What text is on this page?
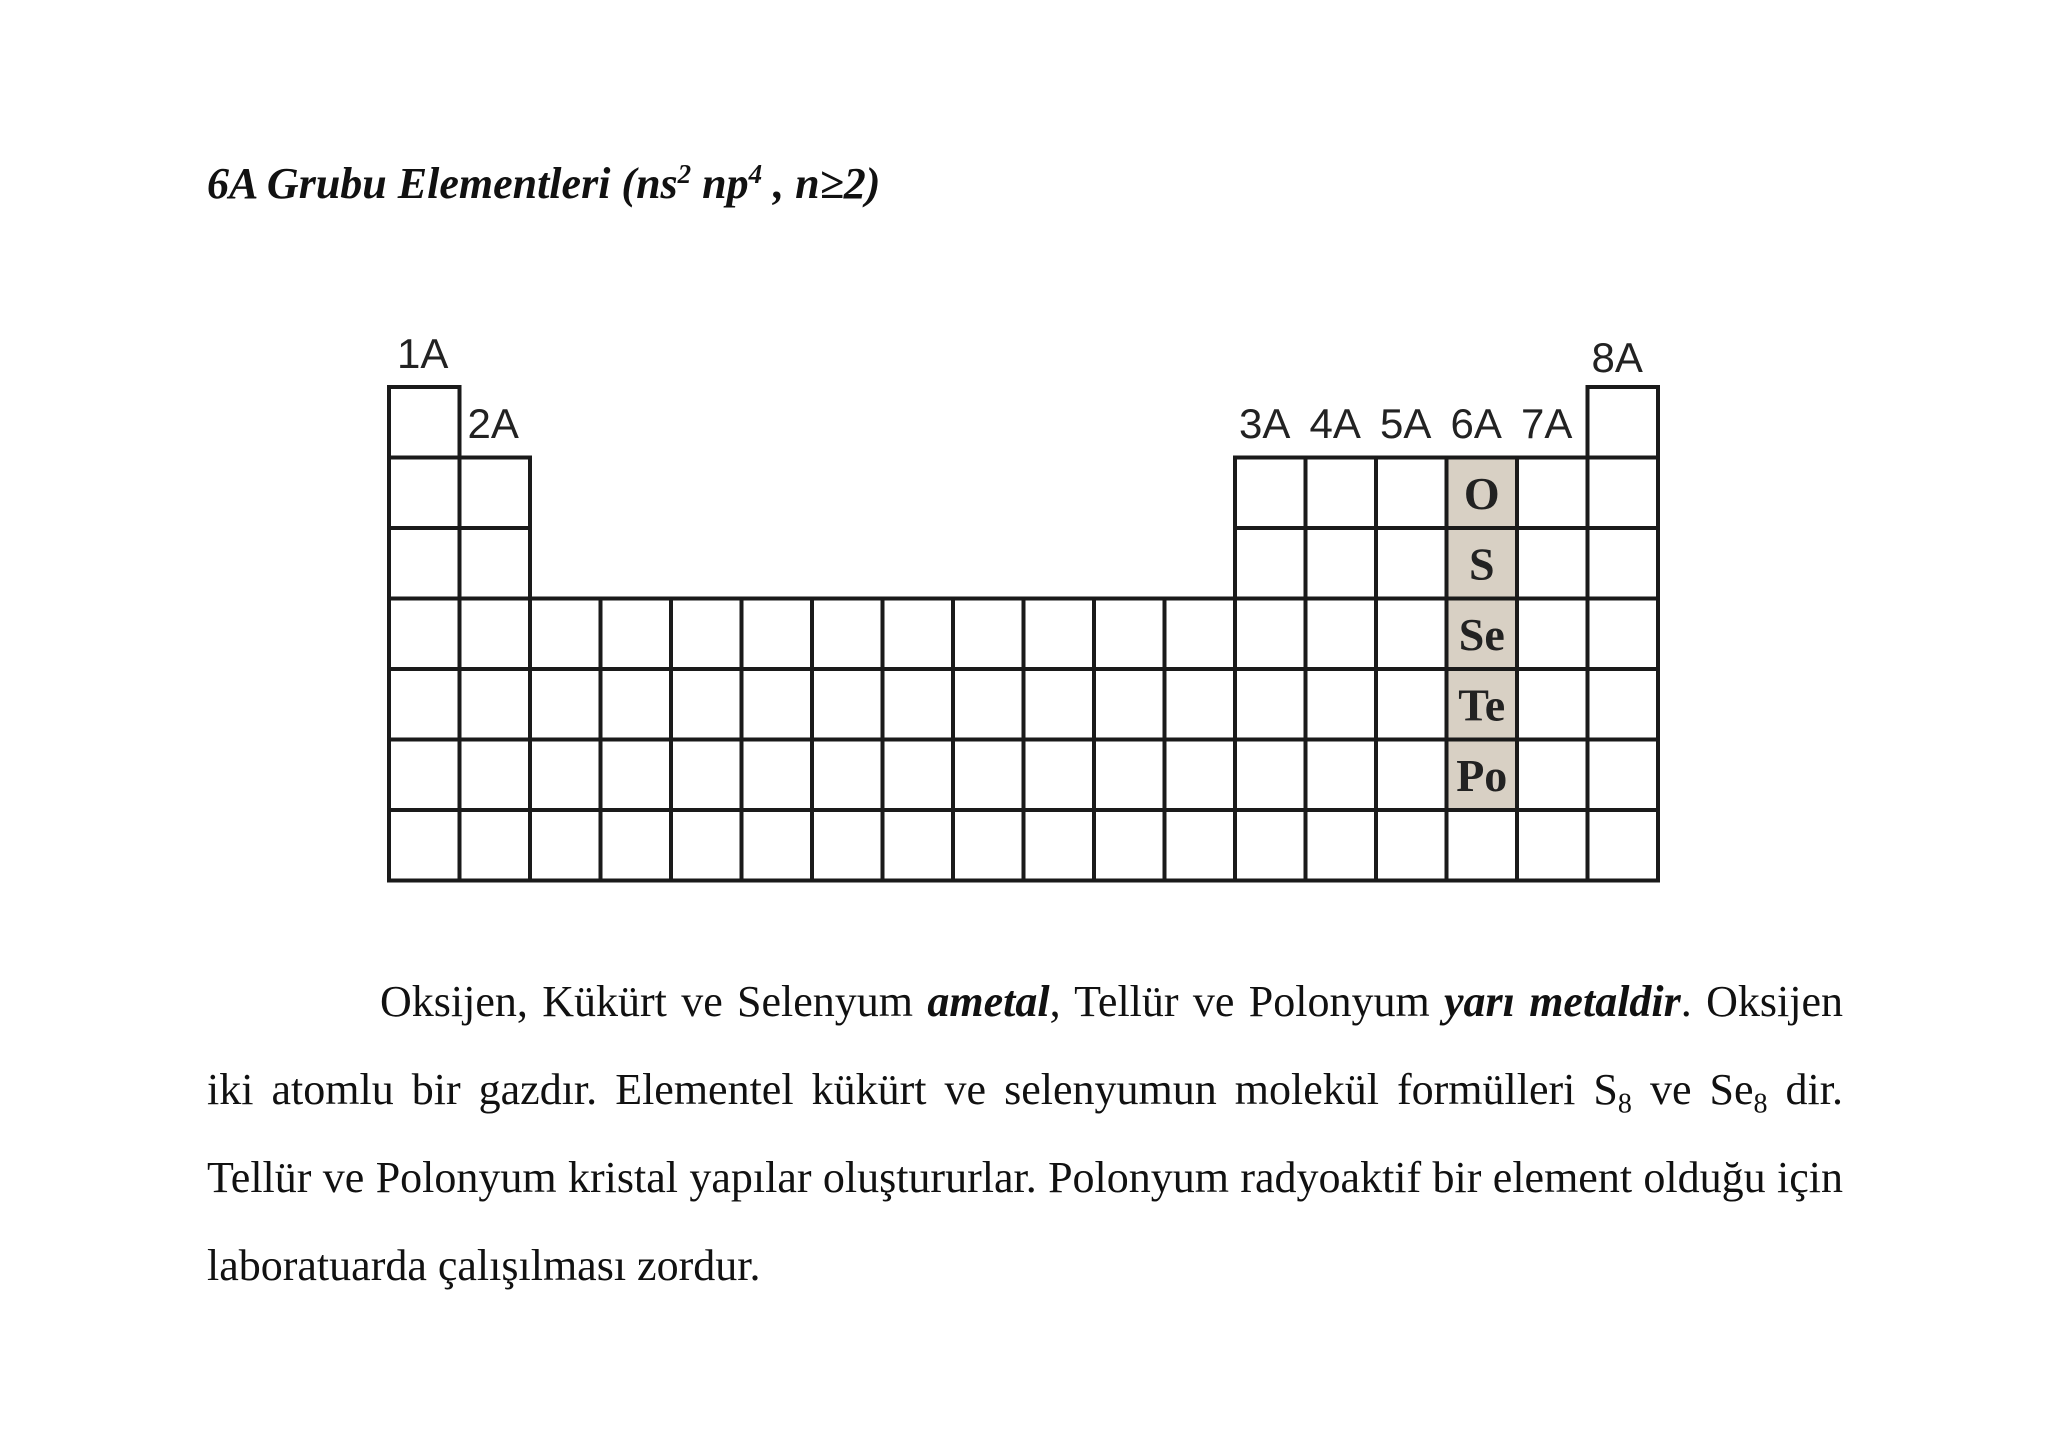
6A Grubu Elementleri ($ns^2$ $np^4$ , n≥2)
1A
2A	3A 4A 5A 6A 7A
8A
O
S
Se
Te
Po
Oksijen, Kükürt ve Selenyum ametal, Tellür ve Polonyum yarı metaldir. Oksijen iki atomlu bir gazdır. Elementel kükürt ve selenyumun molekül formülleri $S_8$ ve $Se_8$ dir. Tellür ve Polonyum kristal yapılar oluştururlar. Polonyum radyoaktif bir element olduğu için laboratuarda çalışılması zordur.
